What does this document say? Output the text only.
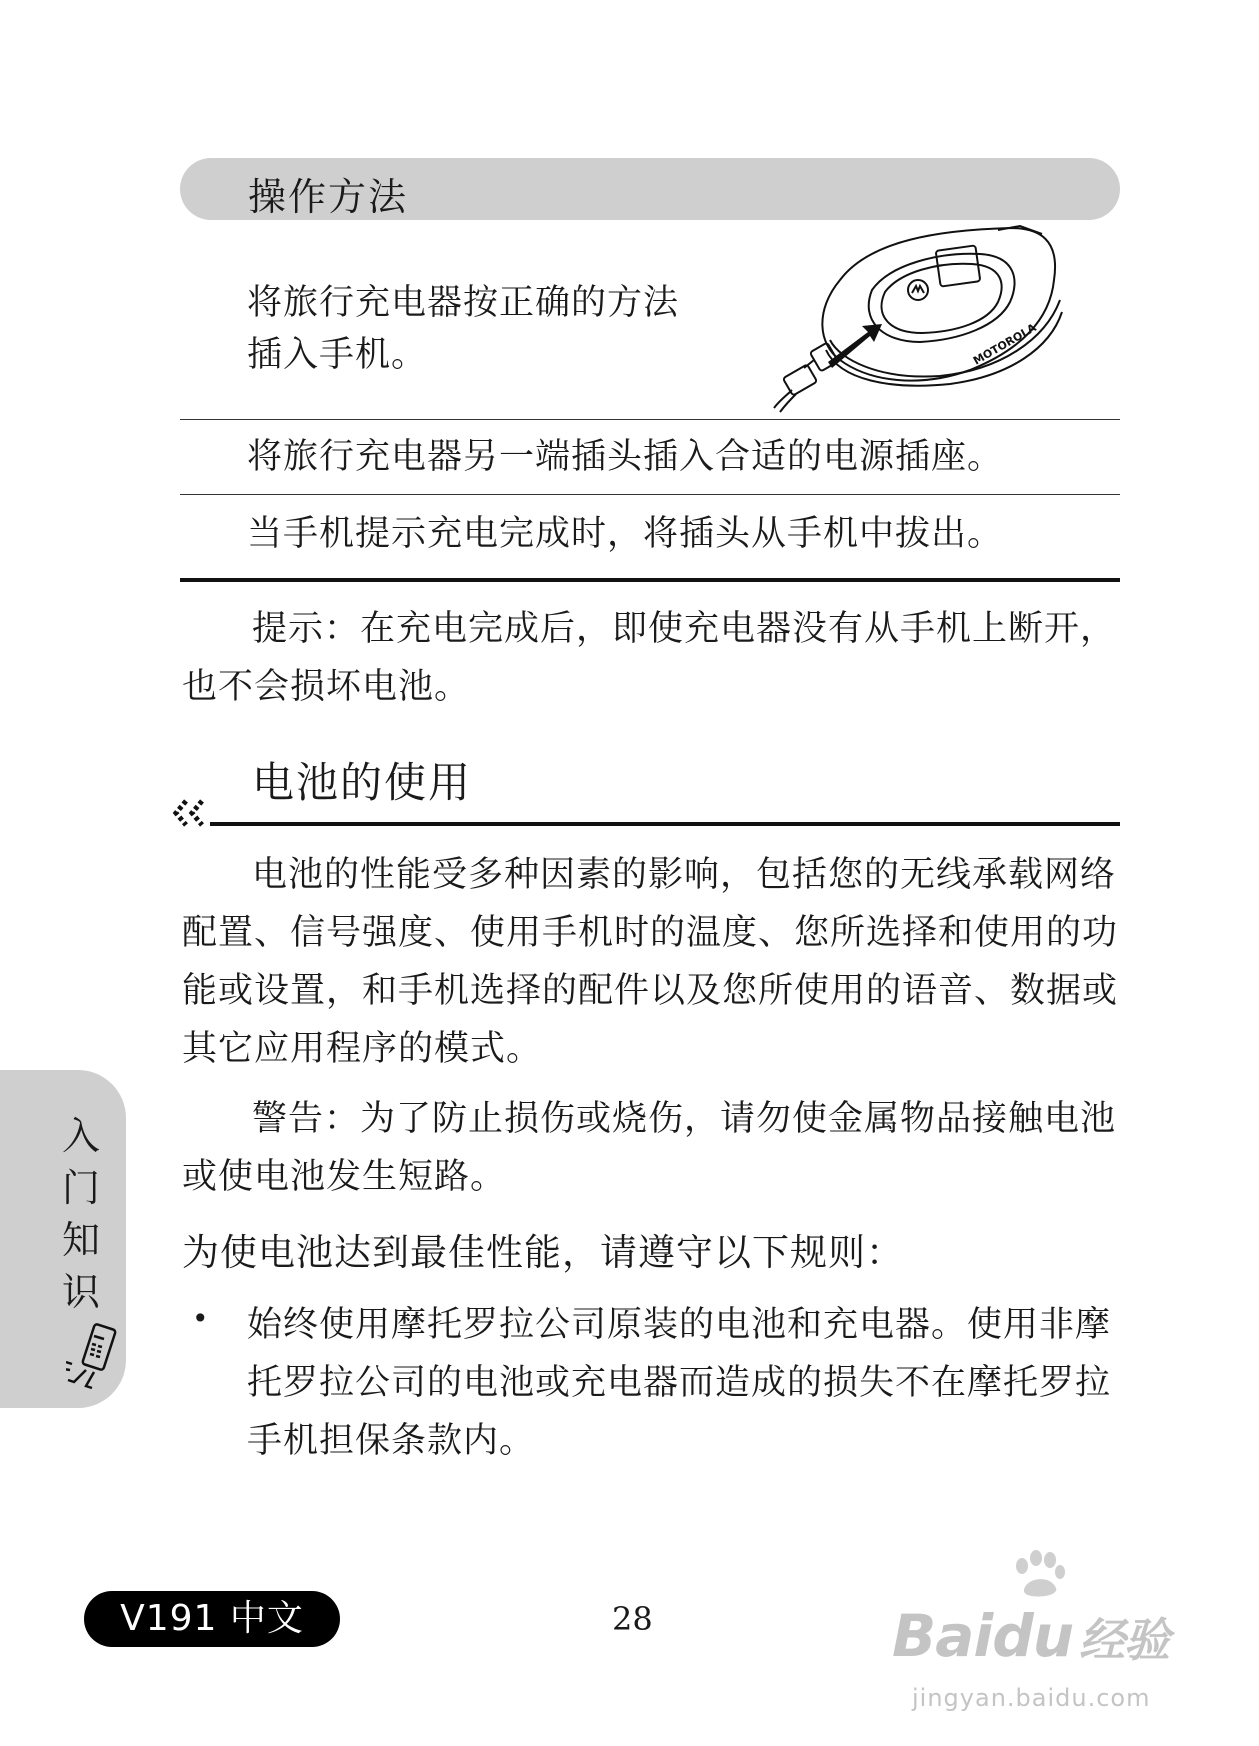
操作方法
将旅行充电器按正确的方法
插入手机。	MOTOROLA
将旅行充电器另一端插头插入合适的电源插座。
当手机提示充电完成时，将插头从手机中拔出。
提示：在充电完成后，即使充电器没有从手机上断开，也不会损坏电池。
电池的使用
电池的性能受多种因素的影响，包括您的无线承载网络配置、信号强度、使用手机时的温度、您所选择和使用的功能或设置，和手机选择的配件以及您所使用的语音、数据或其它应用程序的模式。
警告：为了防止损伤或烧伤，请勿使金属物品接触电池或使电池发生短路。
为使电池达到最佳性能，请遵守以下规则：
• 始终使用摩托罗拉公司原装的电池和充电器。使用非摩托罗拉公司的电池或充电器而造成的损失不在摩托罗拉手机担保条款内。
入
门
知
识
V191 中文	28	Baidu 经验
jingyan.baidu.com
